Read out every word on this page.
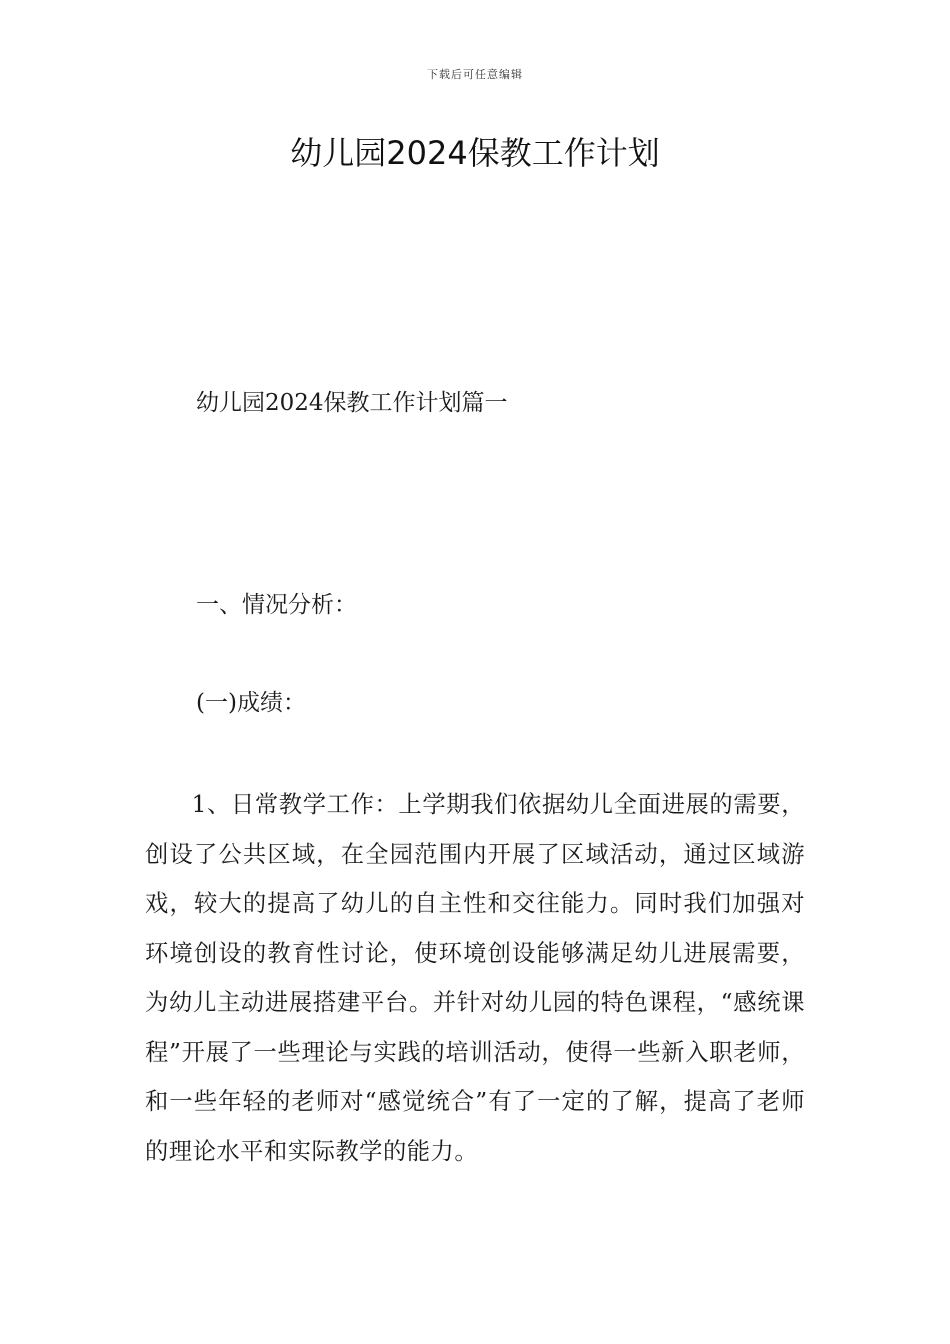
下载后可任意编辑
幼儿园2024保教工作计划
幼儿园2024保教工作计划篇一
一、情况分析：
(一)成绩：

1、日常教学工作：上学期我们依据幼儿全面进展的需要，创设了公共区域，在全园范围内开展了区域活动，通过区域游戏，较大的提高了幼儿的自主性和交往能力。同时我们加强对环境创设的教育性讨论，使环境创设能够满足幼儿进展需要，为幼儿主动进展搭建平台。并针对幼儿园的特色课程，“感统课程”开展了一些理论与实践的培训活动，使得一些新入职老师，和一些年轻的老师对“感觉统合”有了一定的了解，提高了老师的理论水平和实际教学的能力。
